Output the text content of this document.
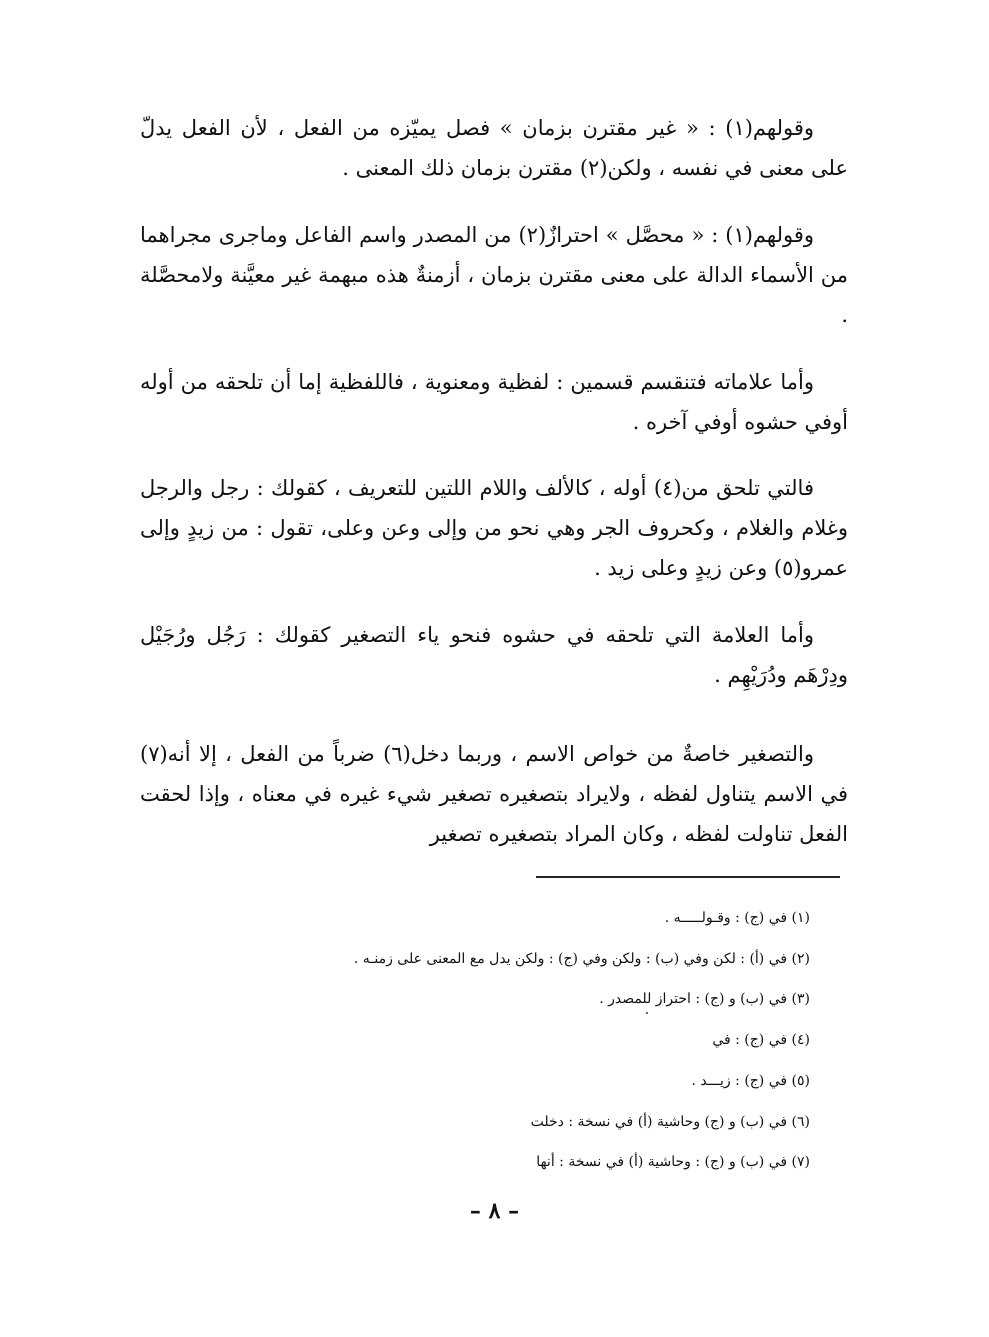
وقولهم(١) : « غير مقترن بزمان » فصل يميّزه من الفعل ، لأن الفعل يدلّ على معنى في نفسه ، ولكن(٢) مقترن بزمان ذلك المعنى .

وقولهم(١) : « محصَّل » احترازٌ(٢) من المصدر واسم الفاعل وماجرى مجراهما من الأسماء الدالة على معنى مقترن بزمان ، أزمنةٌ هذه مبهمة غير معيَّنة ولامحصَّلة .

وأما علاماته فتنقسم قسمين : لفظية ومعنوية ، فاللفظية إما أن تلحقه من أوله أوفي حشوه أوفي آخره .

فالتي تلحق من(٤) أوله ، كالألف واللام اللتين للتعريف ، كقولك : رجل والرجل وغلام والغلام ، وكحروف الجر وهي نحو من وإلى وعن وعلى، تقول : من زيدٍ وإلى عمرو(٥) وعن زيدٍ وعلى زيد .

وأما العلامة التي تلحقه في حشوه فنحو ياء التصغير كقولك : رَجُل ورُجَيْل ودِرْهَم ودُرَيْهِم .

والتصغير خاصةٌ من خواص الاسم ، وربما دخل(٦) ضرباً من الفعل ، إلا أنه(٧) في الاسم يتناول لفظه ، ولايراد بتصغيره تصغير شيء غيره في معناه ، وإذا لحقت الفعل تناولت لفظه ، وكان المراد بتصغيره تصغير

(١) في (ج) : وقـولـــــه .
(٢) في (أ) : لكن وفي (ب) : ولكن وفي (ج) : ولكن يدل مع المعنى على زمنـه .
(٣) في (ب) و (ج) : احتراز للمصدر .
(٤) في (ج) : في
(٥) في (ج) : زيـــد .
(٦) في (ب) و (ج) وحاشية (أ) في نسخة : دخلت
(٧) في (ب) و (ج) : وحاشية (أ) في نسخة : أنها
– ٨ –
